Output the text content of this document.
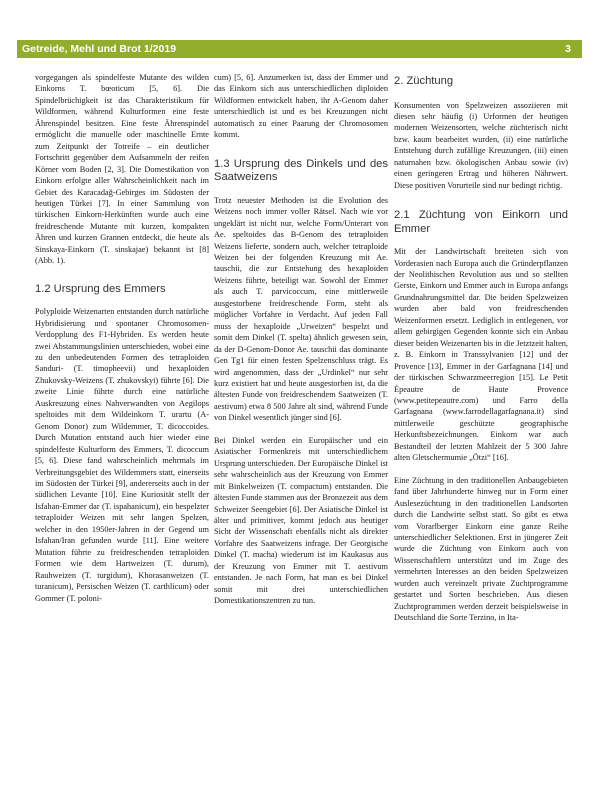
Getreide, Mehl und Brot 1/2019	3

vorgegangen als spindelfeste Mutante des wilden Einkorns T. bœoticum [5, 6]. Die Spindelbrüchigkeit ist das Charakteristikum für Wildformen, während Kulturformen eine feste Ährenspindel besitzen. Eine feste Ährenspindel ermöglicht die manuelle oder maschinelle Ernte zum Zeitpunkt der Totreife – ein deutlicher Fortschritt gegenüber dem Aufsammeln der reifen Körner vom Boden [2, 3]. Die Domestikation von Einkorn erfolgte aller Wahrscheinlichkeit nach im Gebiet des Karacadağ-Gebirges im Südosten der heutigen Türkei [7]. In einer Sammlung von türkischen Einkorn-Herkünften wurde auch eine freidreschende Mutante mit kurzen, kompakten Ähren und kurzen Grannen entdeckt, die heute als Sinskaya-Einkorn (T. sinskajae) bekannt ist [8] (Abb. 1).

1.2 Ursprung des Emmers

Polyploide Weizenarten entstanden durch natürliche Hybridisierung und spontaner Chromosomen-Verdopplung des F1-Hybriden. Es werden heute zwei Abstammungslinien unterschieden, wobei eine zu den unbedeutenden Formen des tetraploiden Sanduri- (T. timopheevii) und hexaploiden Zhukovsky-Weizens (T. zhukovskyi) führte [6]. Die zweite Linie führte durch eine natürliche Auskreuzung eines Nahverwandten von Aegilops speltoides mit dem Wildeinkorn T. urartu (A-Genom Donor) zum Wildemmer, T. dicoccoides. Durch Mutation entstand auch hier wieder eine spindelfeste Kulturform des Emmers, T. dicoccum [5, 6]. Diese fand wahrscheinlich mehrmals im Verbreitungsgebiet des Wildemmers statt, einerseits im Südosten der Türkei [9], andererseits auch in der südlichen Levante [10]. Eine Kuriosität stellt der Isfahan-Emmer dar (T. ispahanicum), ein bespelzter tetraploider Weizen mit sehr langen Spelzen, welcher in den 1950er-Jahren in der Gegend um Isfahan/Iran gefunden wurde [11]. Eine weitere Mutation führte zu freidreschenden tetraploiden Formen wie dem Hartweizen (T. durum), Rauhweizen (T. turgidum), Khorasanweizen (T. turanicum), Persischen Weizen (T. carthlicum) oder Gommer (T. poloni-

cum) [5, 6]. Anzumerken ist, dass der Emmer und das Einkorn sich aus unterschiedlichen diploiden Wildformen entwickelt haben, ihr A-Genom daher unterschiedlich ist und es bei Kreuzungen nicht automatisch zu einer Paarung der Chromosomen kommt.

1.3 Ursprung des Dinkels und des Saatweizens

Trotz neuester Methoden ist die Evolution des Weizens noch immer voller Rätsel. Nach wie vor ungeklärt ist nicht nur, welche Form/Unterart von Ae. speltoides das B-Genom des tetraploiden Weizens lieferte, sondern auch, welcher tetraploide Weizen bei der folgenden Kreuzung mit Ae. tauschii, die zur Entstehung des hexaploiden Weizens führte, beteiligt war. Sowohl der Emmer als auch T. parvicoccum, eine mittlerweile ausgestorbene freidreschende Form, steht als möglicher Vorfahre in Verdacht. Auf jeden Fall muss der hexaploide „Urweizen“ bespelzt und somit dem Dinkel (T. spelta) ähnlich gewesen sein, da der D-Genom-Donor Ae. tauschii das dominante Gen Tg1 für einen festen Spelzenschluss trägt. Es wird angenommen, dass der „Urdinkel“ nur sehr kurz existiert hat und heute ausgestorben ist, da die ältesten Funde von freidreschendem Saatweizen (T. aestivum) etwa 8 500 Jahre alt sind, während Funde von Dinkel wesentlich jünger sind [6].

Bei Dinkel werden ein Europäischer und ein Asiatischer Formenkreis mit unterschiedlichem Ursprung unterschieden. Der Europäische Dinkel ist sehr wahrscheinlich aus der Kreuzung von Emmer mit Binkelweizen (T. compactum) entstanden. Die ältesten Funde stammen aus der Bronzezeit aus dem Schweizer Seengebiet [6]. Der Asiatische Dinkel ist älter und primitiver, kommt jedoch aus heutiger Sicht der Wissenschaft ebenfalls nicht als direkter Vorfahre des Saatweizens infrage. Der Georgische Dinkel (T. macha) wiederum ist im Kaukasus aus der Kreuzung von Emmer mit T. aestivum entstanden. Je nach Form, hat man es bei Dinkel somit mit drei unterschiedlichen Domestikationszentren zu tun.

2. Züchtung

Konsumenten von Spelzweizen assoziieren mit diesen sehr häufig (i) Urformen der heutigen modernen Weizensorten, welche züchterisch nicht bzw. kaum bearbeitet wurden, (ii) eine natürliche Entstehung durch zufällige Kreuzungen, (iii) einen naturnahen bzw. ökologischen Anbau sowie (iv) einen geringeren Ertrag und höheren Nährwert. Diese positiven Vorurteile sind nur bedingt richtig.

2.1 Züchtung von Einkorn und Emmer

Mit der Landwirtschaft breiteten sich von Vorderasien nach Europa auch die Gründerpflanzen der Neolithischen Revolution aus und so stellten Gerste, Einkorn und Emmer auch in Europa anfangs Grundnahrungsmittel dar. Die beiden Spelzweizen wurden aber bald von freidreschenden Weizenformen ersetzt. Lediglich in entlegenen, vor allem gebirgigen Gegenden konnte sich ein Anbau dieser beiden Weizenarten bis in die Jetztzeit halten, z. B. Einkorn in Transsylvanien [12] und der Provence [13], Emmer in der Garfagnana [14] und der türkischen Schwarzmeerregion [15]. Le Petit Épeautre de Haute Provence (www.petitepeautre.com) und Farro della Garfagnana (www.farrodellagarfagnana.it) sind mittlerweile geschützte geographische Herkunftsbezeichnungen. Einkorn war auch Bestandteil der letzten Mahlzeit der 5 300 Jahre alten Gletschermumie „Ötzi“ [16].

Eine Züchtung in den traditionellen Anbaugebieten fand über Jahrhunderte hinweg nur in Form einer Auslesezüchtung in den traditionellen Landsorten durch die Landwirte selbst statt. So gibt es etwa vom Vorarlberger Einkorn eine ganze Reihe unterschiedlicher Selektionen. Erst in jüngerer Zeit wurde die Züchtung von Einkorn auch von Wissenschaftlern unterstützt und im Zuge des vermehrten Interesses an den beiden Spelzweizen wurden auch vereinzelt private Zuchtprogramme gestartet und Sorten beschrieben. Aus diesen Zuchtprogrammen werden derzeit beispielsweise in Deutschland die Sorte Terzino, in Ita-
